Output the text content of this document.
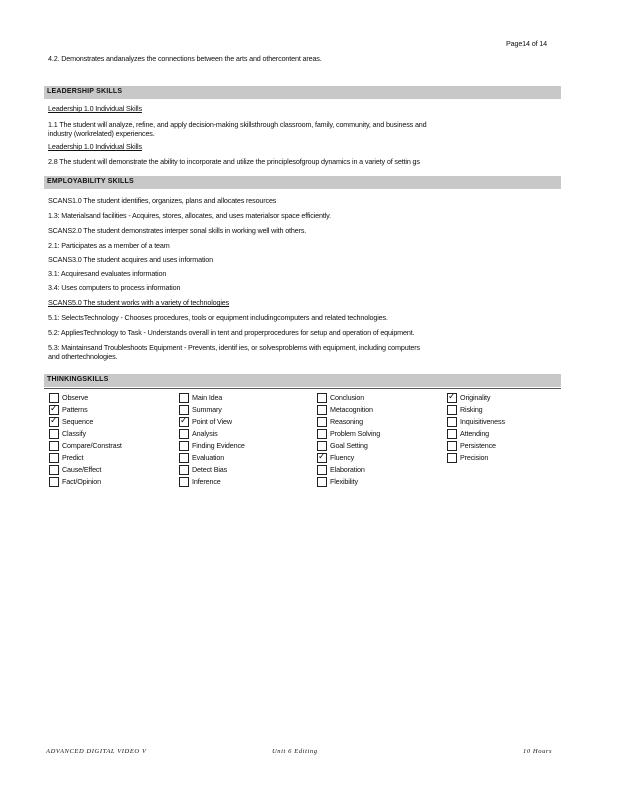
Page14 of 14
4.2. Demonstrates andanalyzes the connections between the arts and othercontent areas.
LEADERSHIP SKILLS
Leadership 1.0 Individual Skills
1.1 The student will analyze, refine, and apply decision-making skillsthrough classroom, family, community, and business and
industry (workrelated) experiences.
Leadership 1.0 Individual Skills
2.8 The student will demonstrate the ability to incorporate and utilize the principlesofgroup dynamics in a variety of settin gs
EMPLOYABILITY SKILLS
SCANS1.0 The student identifies, organizes, plans and allocates resources
1.3: Materialsand facilities - Acquires, stores, allocates, and uses materialsor space efficiently.
SCANS2.0 The student demonstrates interper sonal skills in working well with others.
2.1: Participates as a member of a team
SCANS3.0 The student acquires and uses information
3.1: Acquiresand evaluates information
3.4: Uses computers to process information
SCANS5.0 The student works with a variety of technologies
5.1: SelectsTechnology - Chooses procedures, tools or equipment includingcomputers and related technologies.
5.2: AppliesTechnology to Task - Understands overall in tent and properprocedures for setup and operation of equipment.
5.3: Maintainsand Troubleshoots Equipment - Prevents, identif ies, or solvesproblems with equipment, including computers
and othertechnologies.
THINKINGSKILLS
Observe
✓
Patterns
✓
Sequence
Classify
Compare/Constrast
Predict
Cause/Effect
Fact/Opinion
Main Idea
Summary
✓
Point of View
Analysis
Finding Evidence
Evaluation
Detect Bias
Inference
Conclusion
Metacognition
Reasoning
Problem Solving
Goal Setting
✓
Fluency
Elaboration
Flexibility
✓
Originality
Risking
Inquisitiveness
Attending
Persistence
Precision
ADVANCED DIGITAL VIDEO V	Unit 6 Editing	10 Hours
